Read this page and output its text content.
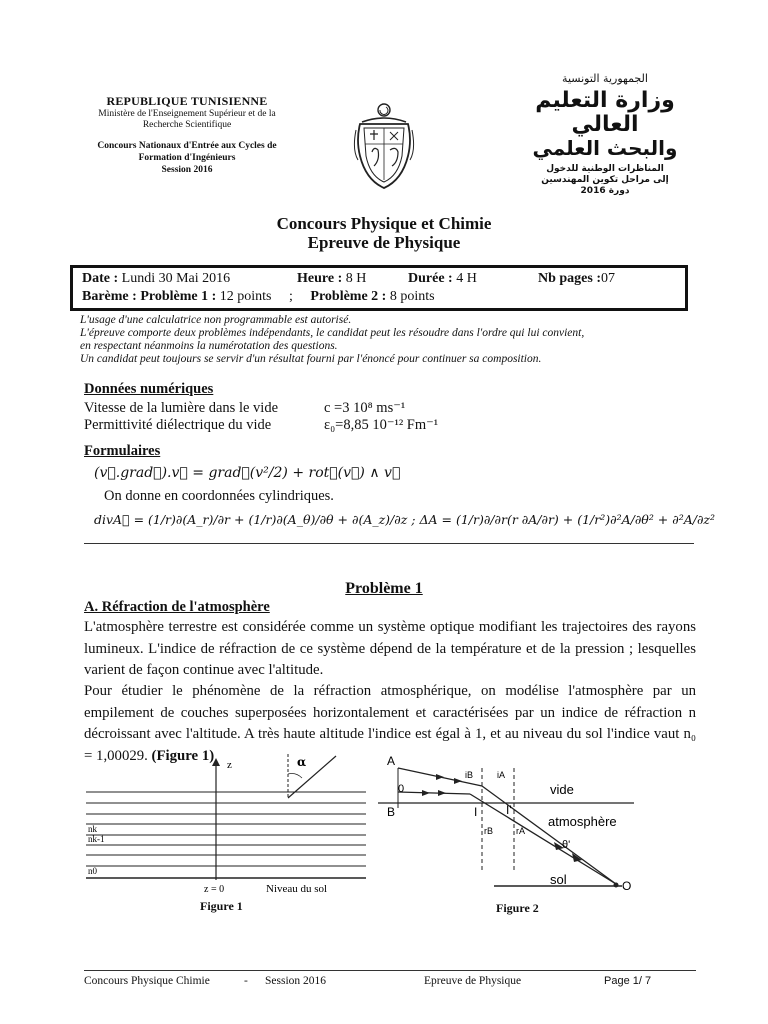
REPUBLIQUE TUNISIENNE
Ministère de l'Enseignement Supérieur et de la
Recherche Scientifique
Concours Nationaux d'Entrée aux Cycles de
Formation d'Ingénieurs
Session 2016
الجمهورية التونسية
وزارة التعليم العالي
والبحث العلمي
المناظرات الوطنية للدخول
إلى مراحل تكوين المهندسين
دورة 2016
Concours Physique et Chimie
Epreuve de Physique
Date : Lundi 30 Mai 2016	Heure : 8 H	Durée : 4 H	Nb pages :07
Barème : Problème 1 : 12 points ; Problème 2 : 8 points
L'usage d'une calculatrice non programmable est autorisé.
L'épreuve comporte deux problèmes indépendants, le candidat peut les résoudre dans l'ordre qui lui convient,
en respectant néanmoins la numérotation des questions.
Un candidat peut toujours se servir d'un résultat fourni par l'énoncé pour continuer sa composition.
Données numériques
Vitesse de la lumière dans le vide	c =3 10⁸ ms⁻¹
Permittivité diélectrique du vide	ε₀=8,85 10⁻¹² Fm⁻¹
Formulaires
(v⃗.grad⃗).v⃗ = grad⃗(v²/2) + rot⃗(v⃗) ∧ v⃗
On donne en coordonnées cylindriques.
divA⃗ = (1/r)∂(A_r)/∂r + (1/r)∂(A_θ)/∂θ + ∂(A_z)/∂z ; ΔA = (1/r)∂/∂r(r ∂A/∂r) + (1/r²)∂²A/∂θ² + ∂²A/∂z²
Problème 1
A. Réfraction de l'atmosphère
L'atmosphère terrestre est considérée comme un système optique modifiant les trajectoires des rayons lumineux. L'indice de réfraction de ce système dépend de la température et de la pression ; lesquelles varient de façon continue avec l'altitude.
Pour étudier le phénomène de la réfraction atmosphérique, on modélise l'atmosphère par un empilement de couches superposées horizontalement et caractérisées par un indice de réfraction n décroissant avec l'altitude. A très haute altitude l'indice est égal à 1, et au niveau du sol l'indice vaut n₀ = 1,00029. (Figure 1)
z	α
nk
nk-1
n0
z = 0	Niveau du sol
Figure 1
A
B
0
I I'
O
iB	iA
rB	rA
θ'
vide
atmosphère
sol
Figure 2
Concours Physique Chimie	- Session 2016	Epreuve de Physique	Page 1/ 7
